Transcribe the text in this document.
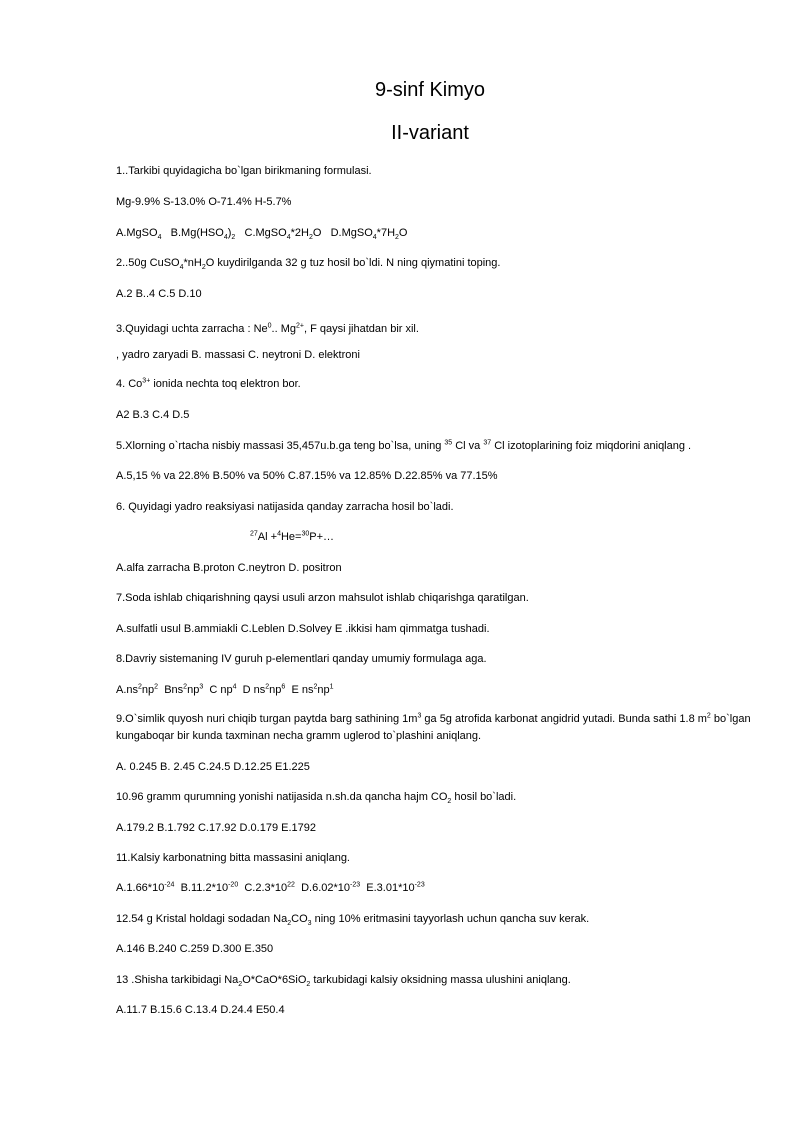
9-sinf Kimyo
II-variant
1..Tarkibi quyidagicha bo`lgan birikmaning formulasi.
Mg-9.9% S-13.0% O-71.4% H-5.7%
A.MgSO$_4$ $B.Mg(HSO_4)_2$ $C.MgSO_4*2H_2O$ $D.MgSO_4*7H_2O$
2..50g $CuSO_4*nH_2O$ kuydirilganda 32 g tuz hosil bo`ldi. N ning qiymatini toping.
A.2 B..4 C.5 D.10
3.Quyidagi uchta zarracha : Ne$^0$.. $Mg^{2+}$, F qaysi jihatdan bir xil.
, yadro zaryadi B. massasi C. neytroni D. elektroni
4. $Co^{3+}$ ionida nechta toq elektron bor.
A2 B.3 C.4 D.5
5.Xlorning o`rtacha nisbiy massasi 35,457u.b.ga teng bo`lsa, uning $^{35}$ Cl va $^{37}$ Cl izotoplarining foiz miqdorini aniqlang .
A.5,15 % va 22.8% B.50% va 50% C.87.15% va 12.85% D.22.85% va 77.15%
6. Quyidagi yadro reaksiyasi natijasida qanday zarracha hosil bo`ladi.
$^{27}$Al +$^4$He=$^{30}$P+…
A.alfa zarracha B.proton C.neytron D. positron
7.Soda ishlab chiqarishning qaysi usuli arzon mahsulot ishlab chiqarishga qaratilgan.
A.sulfatli usul B.ammiakli C.Leblen D.Solvey E .ikkisi ham qimmatga tushadi.
8.Davriy sistemaning IV guruh p-elementlari qanday umumiy formulaga aga.
$A.ns^2np^2$ $Bns^2np^3$ C $np^4$ D $ns^2np^6$ E $ns^2np^1$
9.O`simlik quyosh nuri chiqib turgan paytda barg sathining $1m^3$ ga 5g atrofida karbonat angidrid yutadi. Bunda sathi 1.8 $m^2$ bo`lgan kungaboqar bir kunda taxminan necha gramm uglerod to`plashini aniqlang.
A. 0.245 B. 2.45 C.24.5 D.12.25 E1.225
10.96 gramm qurumning yonishi natijasida n.sh.da qancha hajm $CO_2$ hosil bo`ladi.
A.179.2 B.1.792 C.17.92 D.0.179 E.1792
11.Kalsiy karbonatning bitta massasini aniqlang.
$A.1.66*10^{-24}$ $B.11.2*10^{-20}$ $C.2.3*10^{22}$ $D.6.02*10^{-23}$ $E.3.01*10^{-23}$
12.54 g Kristal holdagi sodadan $Na_2CO_3$ ning 10% eritmasini tayyorlash uchun qancha suv kerak.
A.146 B.240 C.259 D.300 E.350
13 .Shisha tarkibidagi $Na_2O*CaO*6SiO_2$ tarkubidagi kalsiy oksidning massa ulushini aniqlang.
A.11.7 B.15.6 C.13.4 D.24.4 E50.4
